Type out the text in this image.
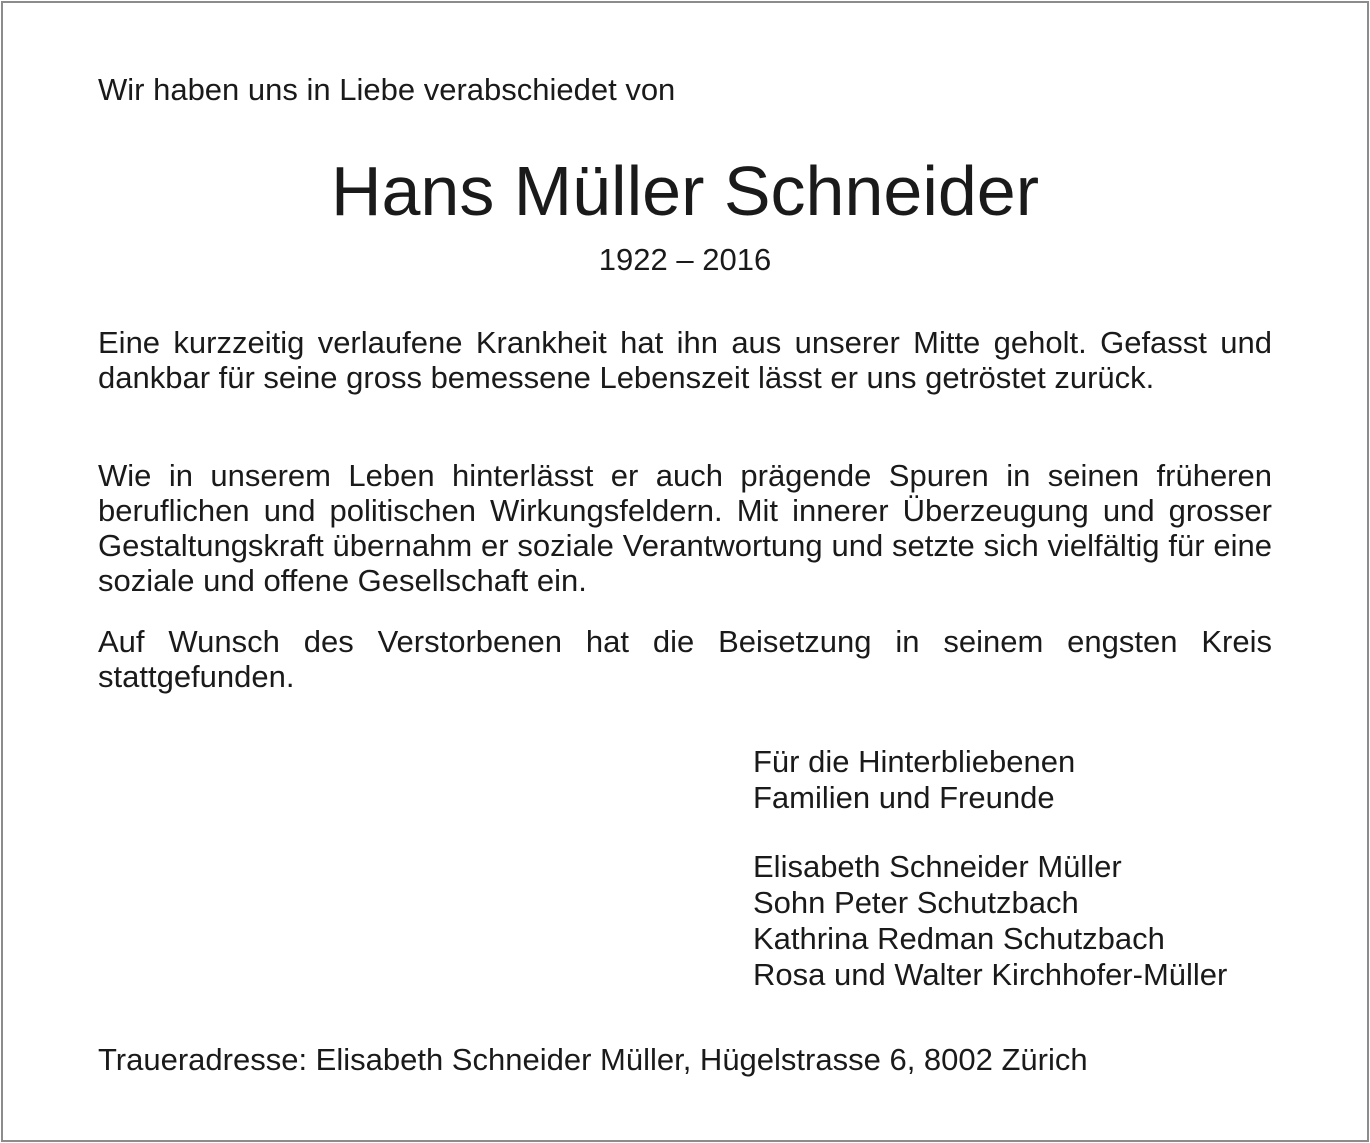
Wir haben uns in Liebe verabschiedet von
Hans Müller Schneider
1922 – 2016

Eine kurzzeitig verlaufene Krankheit hat ihn aus unserer Mitte geholt. Gefasst und dankbar für seine gross bemessene Lebenszeit lässt er uns getröstet zurück.

Wie in unserem Leben hinterlässt er auch prägende Spuren in seinen früheren beruflichen und politischen Wirkungsfeldern. Mit innerer Überzeugung und grosser Gestaltungskraft übernahm er soziale Verantwortung und setzte sich vielfältig für eine soziale und offene Gesellschaft ein.

Auf Wunsch des Verstorbenen hat die Beisetzung in seinem engsten Kreis stattgefunden.

Für die Hinterbliebenen
Familien und Freunde
Elisabeth Schneider Müller
Sohn Peter Schutzbach
Kathrina Redman Schutzbach
Rosa und Walter Kirchhofer-Müller
Traueradresse: Elisabeth Schneider Müller, Hügelstrasse 6, 8002 Zürich
